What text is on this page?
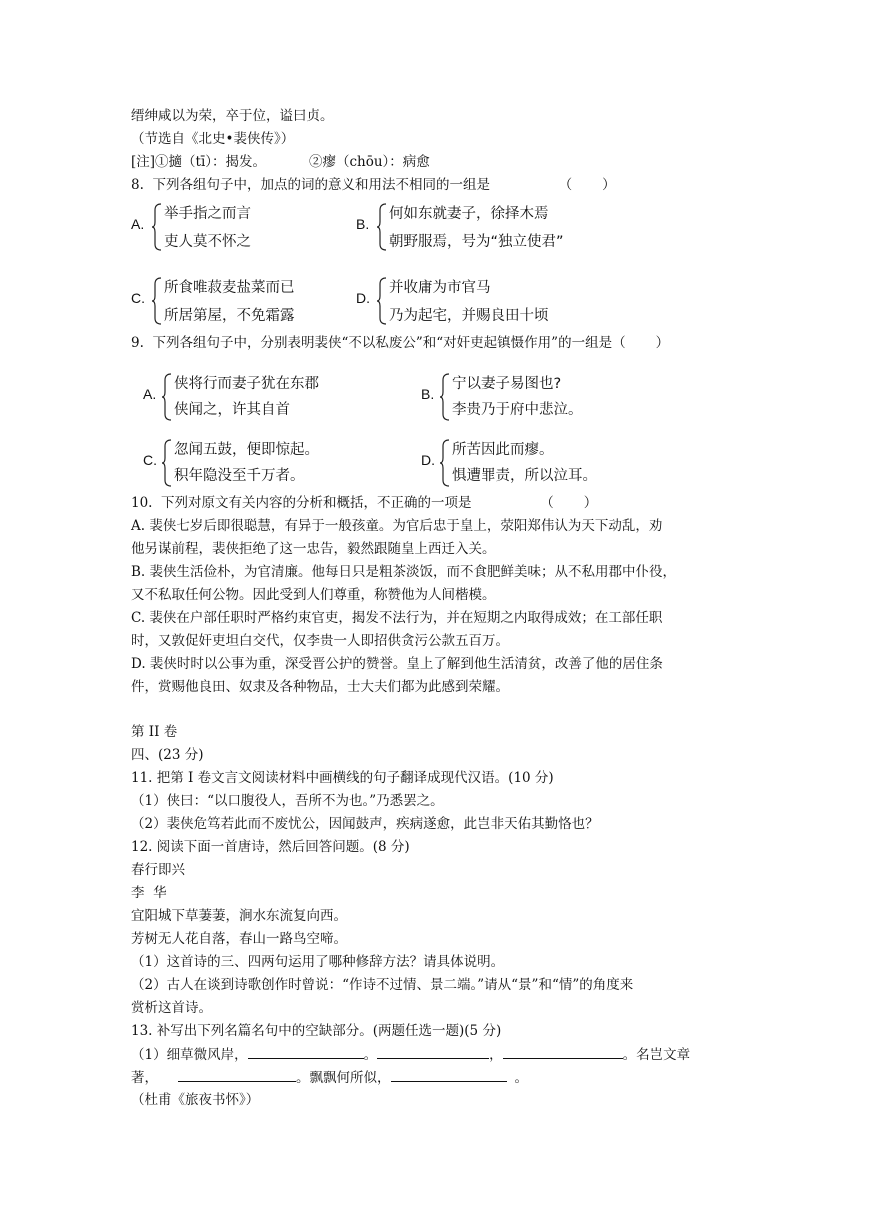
缙绅咸以为荣，卒于位，谥曰贞。
（节选自《北史•裴侠传》）
[注]①擿（tī）：揭发。          ②瘳（chōu）：病愈
8.  下列各组句子中，加点的词的意义和用法不相同的一组是                （       ）
A.
举手指之而言
吏人莫不怀之
B.
何如东就妻子，徐择木焉
朝野服焉，号为“独立使君”
C.
所食唯菽麦盐菜而已
所居第屋，不免霜露
D.
并收庸为市官马
乃为起宅，并赐良田十顷
9.  下列各组句子中，分别表明裴侠“不以私废公”和“对奸吏起镇慑作用”的一组是（       ）
A.
侠将行而妻子犹在东郡
侠闻之，许其自首
B.
宁以妻子易图也?
李贵乃于府中悲泣。
C.
忽闻五鼓，便即惊起。
积年隐没至千万者。
D.
所苦因此而瘳。
惧遭罪责，所以泣耳。
10.  下列对原文有关内容的分析和概括，不正确的一项是                （       ）
A. 裴侠七岁后即很聪慧，有异于一般孩童。为官后忠于皇上，荥阳郑伟认为天下动乱，劝
他另谋前程，裴侠拒绝了这一忠告，毅然跟随皇上西迁入关。
B. 裴侠生活俭朴，为官清廉。他每日只是粗茶淡饭，而不食肥鲜美味；从不私用郡中仆役，
又不私取任何公物。因此受到人们尊重，称赞他为人间楷模。
C. 裴侠在户部任职时严格约束官吏，揭发不法行为，并在短期之内取得成效；在工部任职
时，又敦促奸吏坦白交代，仅李贵一人即招供贪污公款五百万。
D. 裴侠时时以公事为重，深受晋公护的赞誉。皇上了解到他生活清贫，改善了他的居住条
件，赏赐他良田、奴隶及各种物品，士大夫们都为此感到荣耀。
第 II 卷
四、(23 分)
11. 把第 I 卷文言文阅读材料中画横线的句子翻译成现代汉语。(10 分)
（1）侠曰：“以口腹役人，吾所不为也。”乃悉罢之。
（2）裴侠危笃若此而不废忧公，因闻鼓声，疾病遂愈，此岂非天佑其勤恪也？
12. 阅读下面一首唐诗，然后回答问题。(8 分)
春行即兴
李  华
宜阳城下草萋萋，涧水东流复向西。
芳树无人花自落，春山一路鸟空啼。
（1）这首诗的三、四两句运用了哪种修辞方法？请具体说明。
（2）古人在谈到诗歌创作时曾说：“作诗不过情、景二端。”请从“景”和“情”的角度来
赏析这首诗。
13. 补写出下列名篇名句中的空缺部分。(两题任选一题)(5 分)
（1）细草微风岸，	。	，	。名岂文章
著，	。飘飘何所似，	。
（杜甫《旅夜书怀》）
